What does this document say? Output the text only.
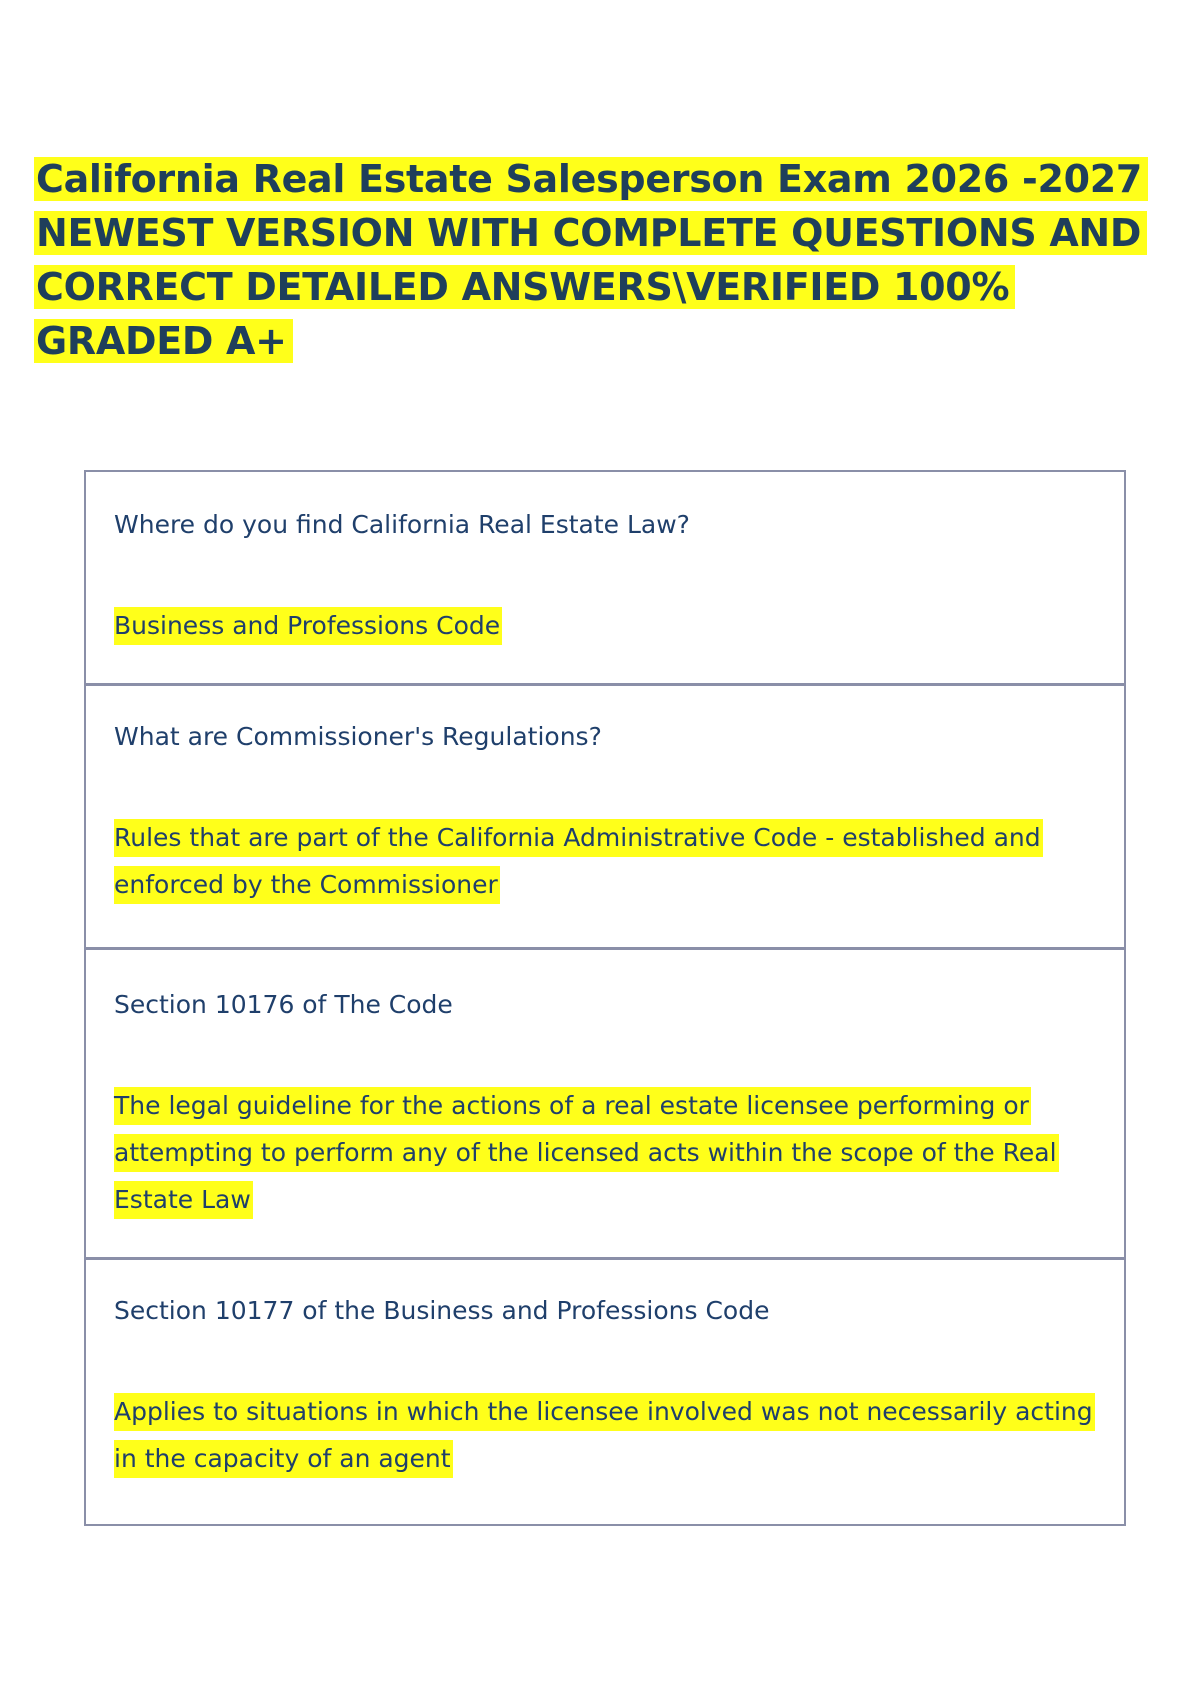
California Real Estate Salesperson Exam 2026 -2027 NEWEST VERSION WITH COMPLETE QUESTIONS AND CORRECT DETAILED ANSWERS\VERIFIED 100% GRADED A+

Where do you find California Real Estate Law?

Business and Professions Code

What are Commissioner's Regulations?

Rules that are part of the California Administrative Code - established and enforced by the Commissioner

Section 10176 of The Code

The legal guideline for the actions of a real estate licensee performing or attempting to perform any of the licensed acts within the scope of the Real Estate Law

Section 10177 of the Business and Professions Code

Applies to situations in which the licensee involved was not necessarily acting in the capacity of an agent
